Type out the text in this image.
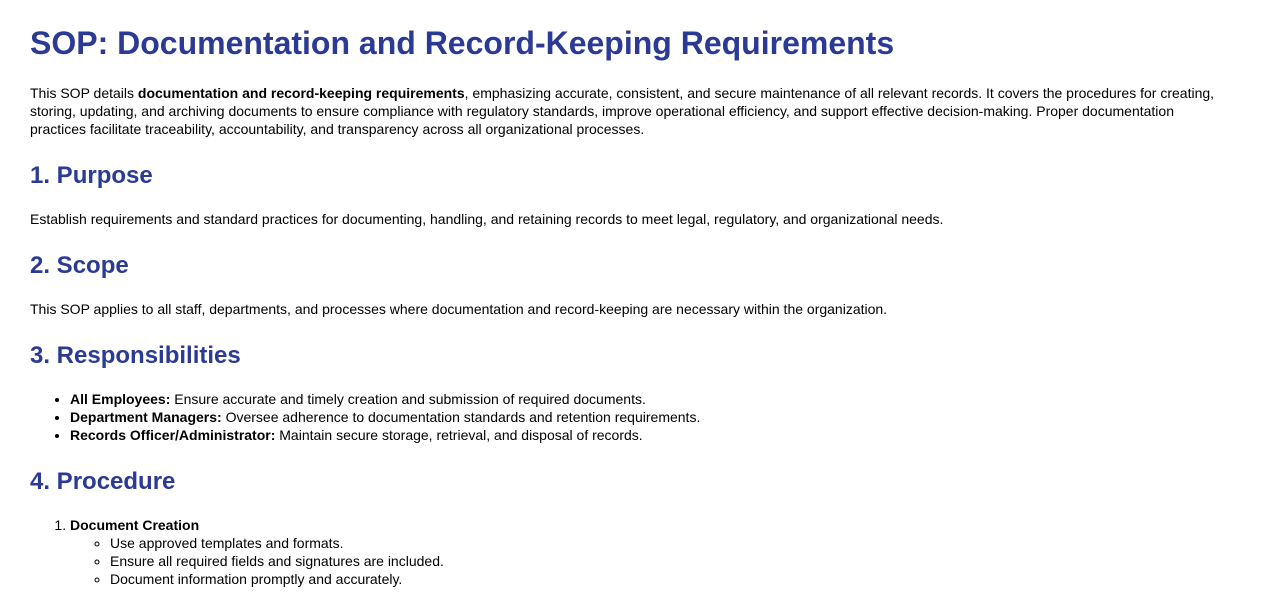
SOP: Documentation and Record-Keeping Requirements

This SOP details documentation and record-keeping requirements, emphasizing accurate, consistent, and secure maintenance of all relevant records. It covers the procedures for creating, storing, updating, and archiving documents to ensure compliance with regulatory standards, improve operational efficiency, and support effective decision-making. Proper documentation practices facilitate traceability, accountability, and transparency across all organizational processes.

1. Purpose

Establish requirements and standard practices for documenting, handling, and retaining records to meet legal, regulatory, and organizational needs.

2. Scope

This SOP applies to all staff, departments, and processes where documentation and record-keeping are necessary within the organization.

3. Responsibilities
• All Employees: Ensure accurate and timely creation and submission of required documents.
• Department Managers: Oversee adherence to documentation standards and retention requirements.
• Records Officer/Administrator: Maintain secure storage, retrieval, and disposal of records.
4. Procedure
1. Document Creation
◦ Use approved templates and formats.
◦ Ensure all required fields and signatures are included.
◦ Document information promptly and accurately.
